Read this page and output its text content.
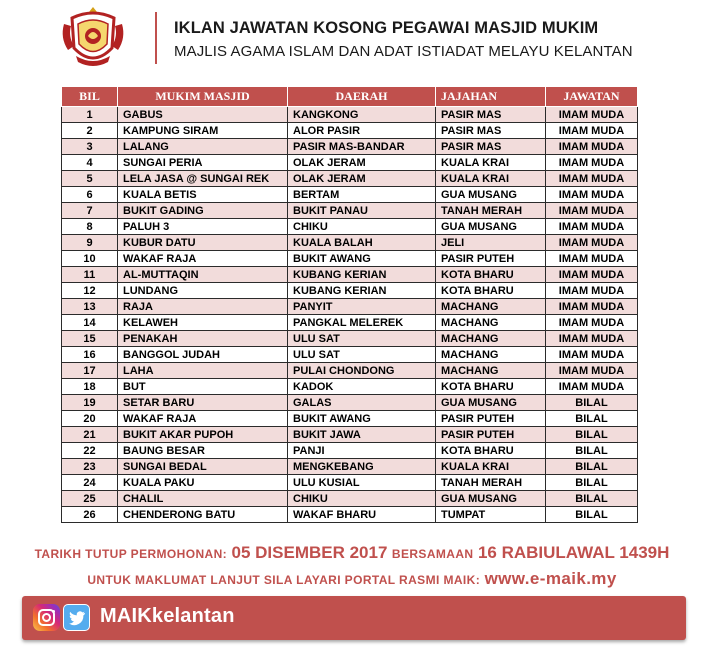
IKLAN JAWATAN KOSONG PEGAWAI MASJID MUKIM
MAJLIS AGAMA ISLAM DAN ADAT ISTIADAT MELAYU KELANTAN
BIL	MUKIM MASJID	DAERAH	JAJAHAN	JAWATAN
1	GABUS	KANGKONG	PASIR MAS	IMAM MUDA
2	KAMPUNG SIRAM	ALOR PASIR	PASIR MAS	IMAM MUDA
3	LALANG	PASIR MAS-BANDAR	PASIR MAS	IMAM MUDA
4	SUNGAI PERIA	OLAK JERAM	KUALA KRAI	IMAM MUDA
5	LELA JASA @ SUNGAI REK	OLAK JERAM	KUALA KRAI	IMAM MUDA
6	KUALA BETIS	BERTAM	GUA MUSANG	IMAM MUDA
7	BUKIT GADING	BUKIT PANAU	TANAH MERAH	IMAM MUDA
8	PALUH 3	CHIKU	GUA MUSANG	IMAM MUDA
9	KUBUR DATU	KUALA BALAH	JELI	IMAM MUDA
10	WAKAF RAJA	BUKIT AWANG	PASIR PUTEH	IMAM MUDA
11	AL-MUTTAQIN	KUBANG KERIAN	KOTA BHARU	IMAM MUDA
12	LUNDANG	KUBANG KERIAN	KOTA BHARU	IMAM MUDA
13	RAJA	PANYIT	MACHANG	IMAM MUDA
14	KELAWEH	PANGKAL MELEREK	MACHANG	IMAM MUDA
15	PENAKAH	ULU SAT	MACHANG	IMAM MUDA
16	BANGGOL JUDAH	ULU SAT	MACHANG	IMAM MUDA
17	LAHA	PULAI CHONDONG	MACHANG	IMAM MUDA
18	BUT	KADOK	KOTA BHARU	IMAM MUDA
19	SETAR BARU	GALAS	GUA MUSANG	BILAL
20	WAKAF RAJA	BUKIT AWANG	PASIR PUTEH	BILAL
21	BUKIT AKAR PUPOH	BUKIT JAWA	PASIR PUTEH	BILAL
22	BAUNG BESAR	PANJI	KOTA BHARU	BILAL
23	SUNGAI BEDAL	MENGKEBANG	KUALA KRAI	BILAL
24	KUALA PAKU	ULU KUSIAL	TANAH MERAH	BILAL
25	CHALIL	CHIKU	GUA MUSANG	BILAL
26	CHENDERONG BATU	WAKAF BHARU	TUMPAT	BILAL
TARIKH TUTUP PERMOHONAN: 05 DISEMBER 2017 BERSAMAAN 16 RABIULAWAL 1439H
UNTUK MAKLUMAT LANJUT SILA LAYARI PORTAL RASMI MAIK: www.e-maik.my
MAIKkelantan
